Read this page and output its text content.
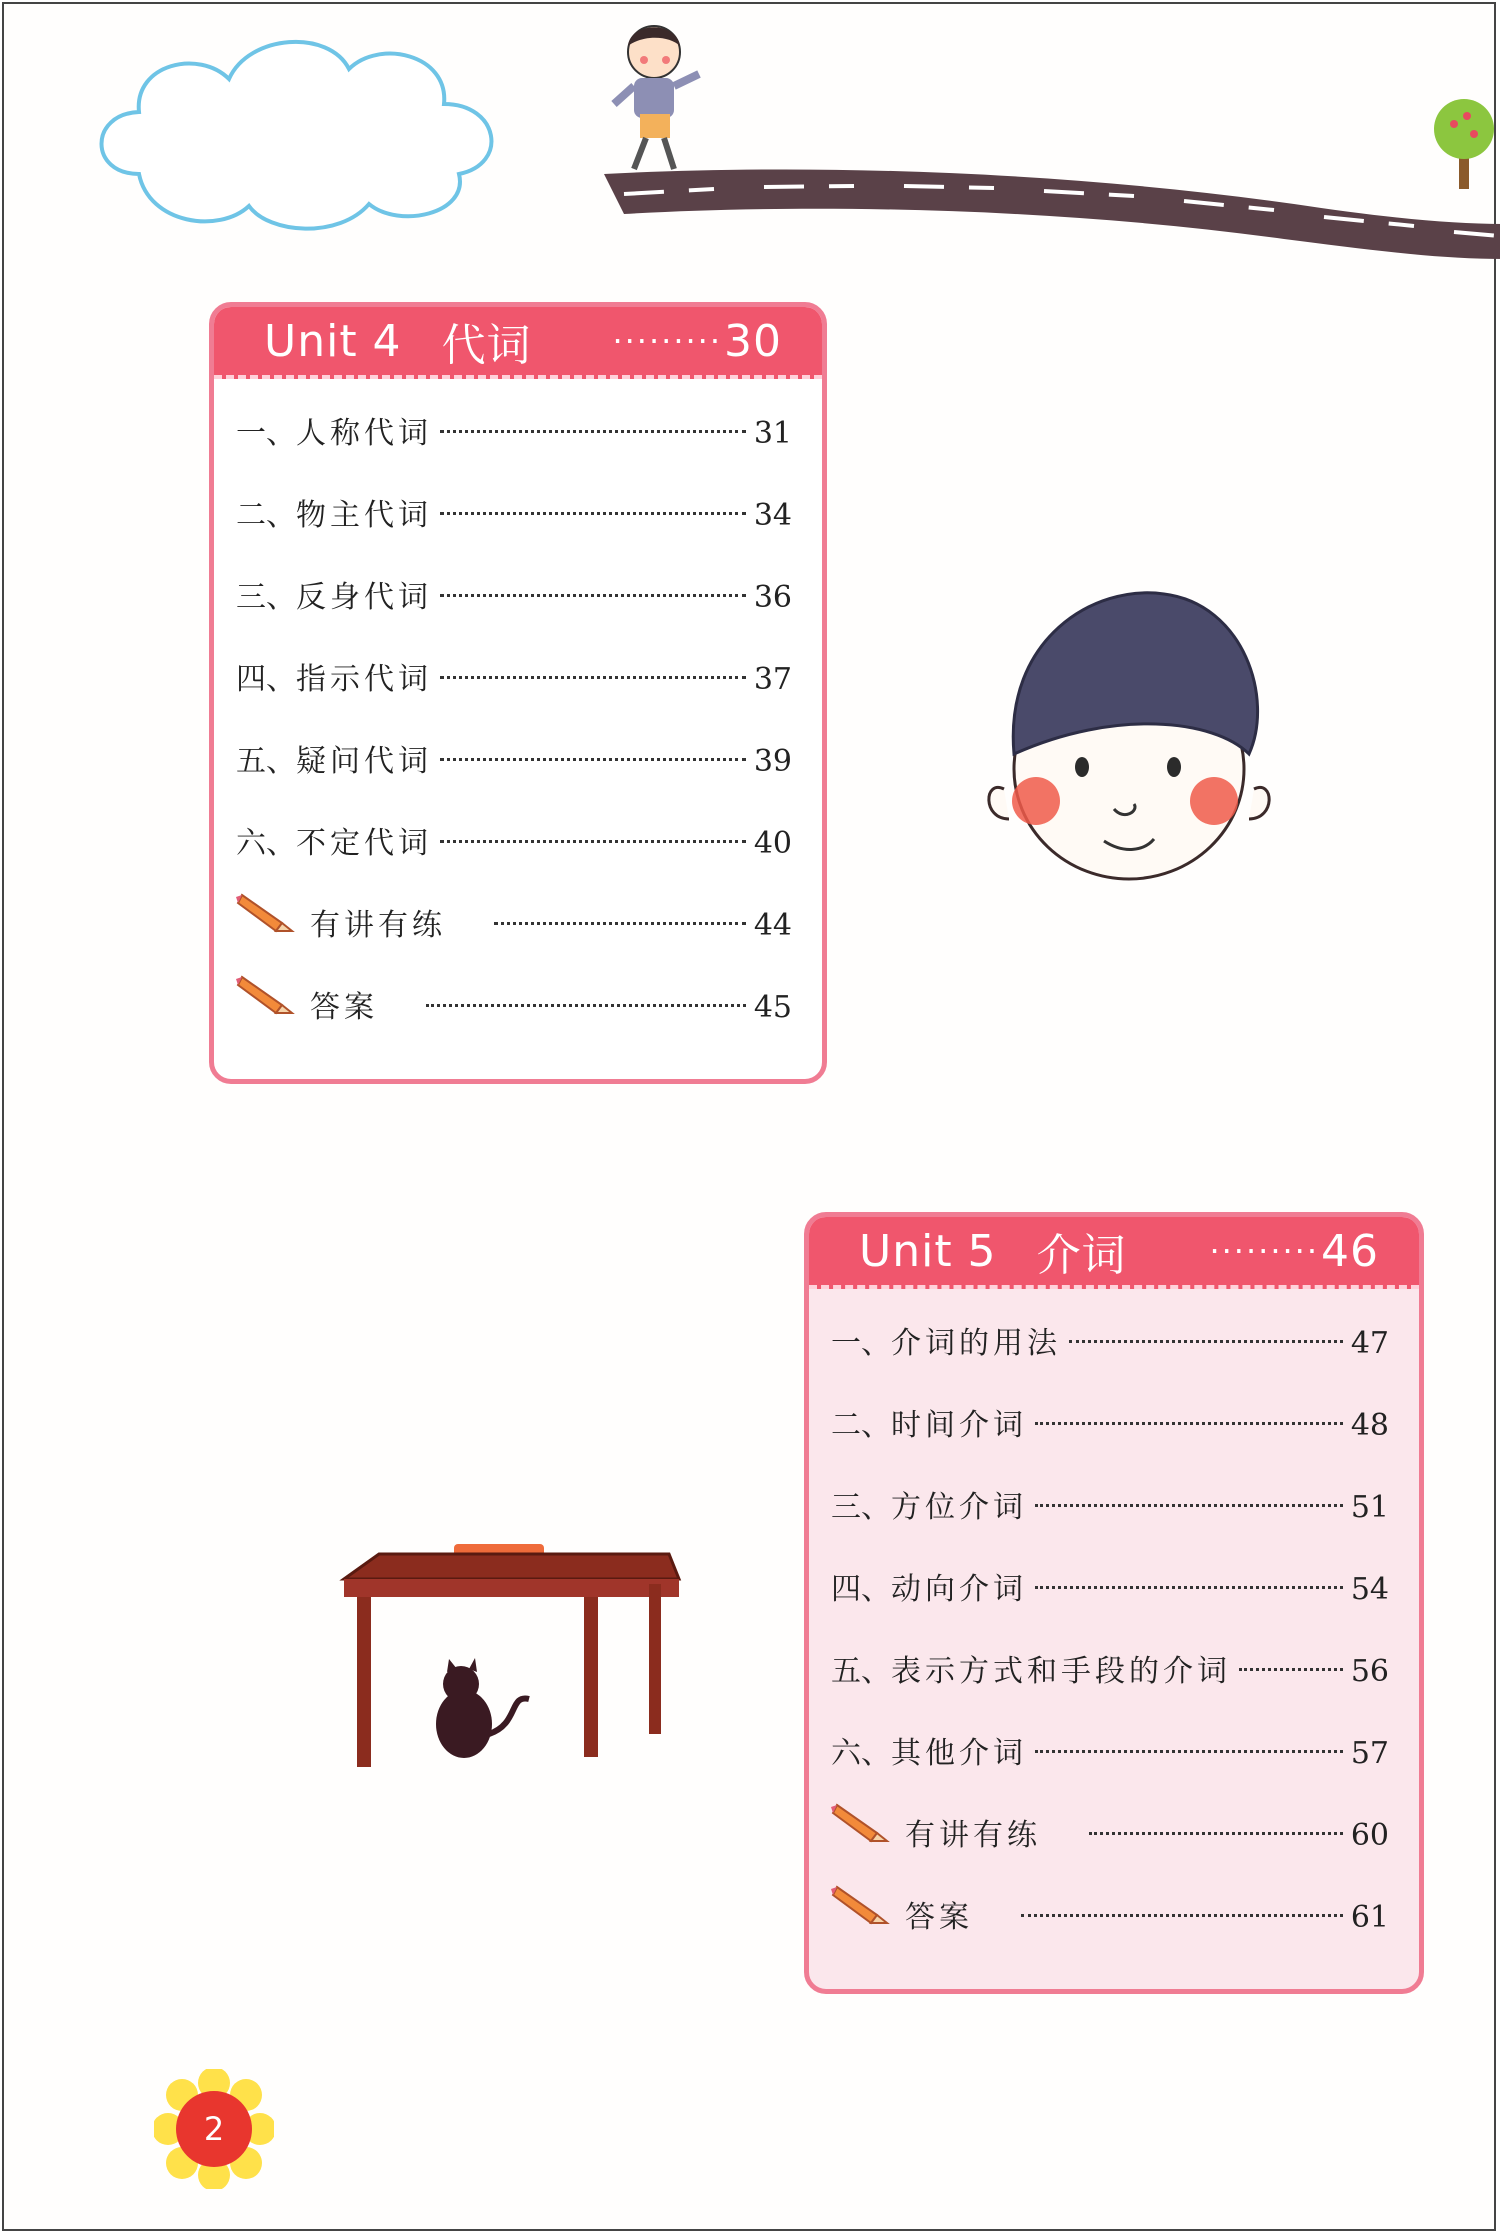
Unit 4 代词	········· 30
一、 人称代词	31
二、 物主代词	34
三、 反身代词	36
四、 指示代词	37
五、 疑问代词	39
六、 不定代词	40
有讲有练	44
答案	45
Unit 5 介词	········· 46
一、 介词的用法	47
二、 时间介词	48
三、 方位介词	51
四、 动向介词	54
五、 表示方式和手段的介词	56
六、 其他介词	57
有讲有练	60
答案	61
2
